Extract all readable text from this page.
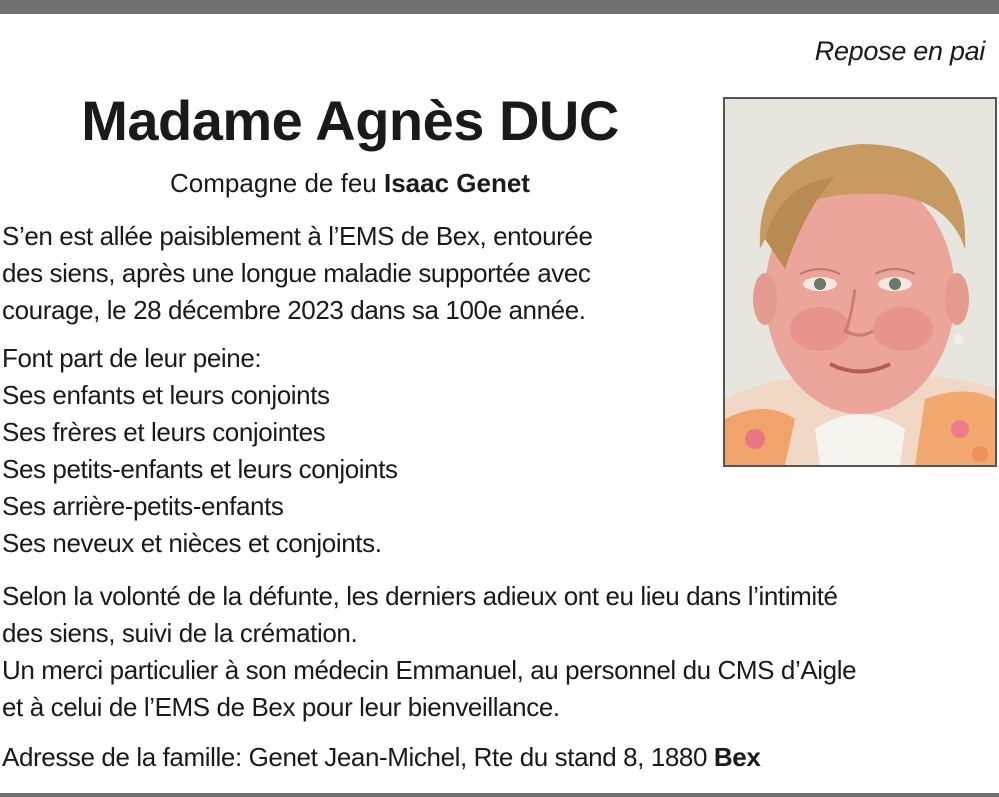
Repose en pai
Madame Agnès DUC
Compagne de feu Isaac Genet
S’en est allée paisiblement à l’EMS de Bex, entourée
des siens, après une longue maladie supportée avec
courage, le 28 décembre 2023 dans sa 100e année.
Font part de leur peine:
Ses enfants et leurs conjoints
Ses frères et leurs conjointes
Ses petits-enfants et leurs conjoints
Ses arrière-petits-enfants
Ses neveux et nièces et conjoints.
Selon la volonté de la défunte, les derniers adieux ont eu lieu dans l’intimité
des siens, suivi de la crémation.
Un merci particulier à son médecin Emmanuel, au personnel du CMS d’Aigle
et à celui de l’EMS de Bex pour leur bienveillance.
Adresse de la famille: Genet Jean-Michel, Rte du stand 8, 1880 Bex
